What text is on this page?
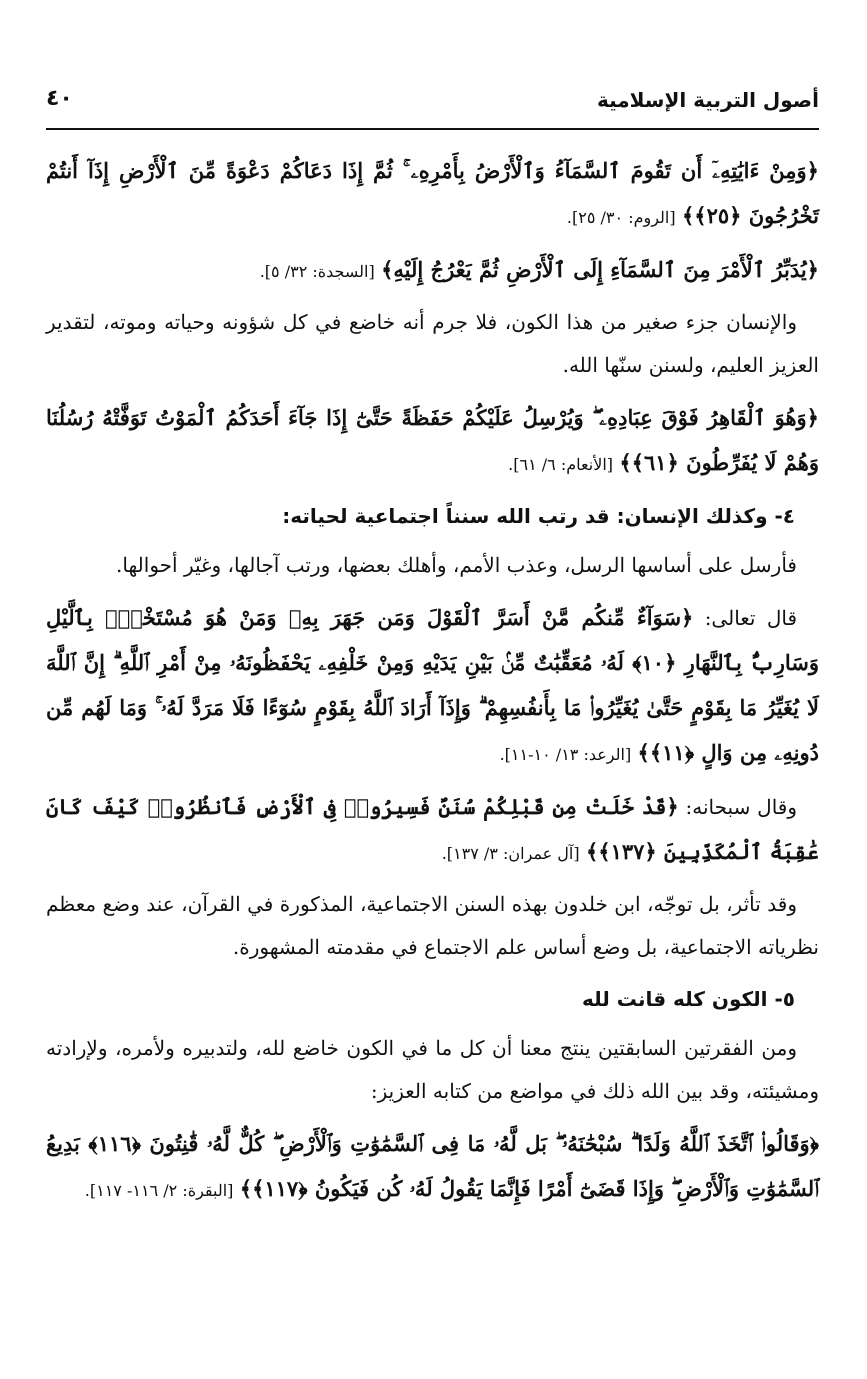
أصول التربية الإسلامية
٤٠

﴿وَمِنْ ءَايَٰتِهِۦٓ أَن تَقُومَ ٱلسَّمَآءُ وَٱلْأَرْضُ بِأَمْرِهِۦ ۚ ثُمَّ إِذَا دَعَاكُمْ دَعْوَةً مِّنَ ٱلْأَرْضِ إِذَآ أَنتُمْ تَخْرُجُونَ ﴿٢٥﴾﴾ [الروم: ٣٠/ ٢٥].

﴿يُدَبِّرُ ٱلْأَمْرَ مِنَ ٱلسَّمَآءِ إِلَى ٱلْأَرْضِ ثُمَّ يَعْرُجُ إِلَيْهِ﴾ [السجدة: ٣٢/ ٥].

والإنسان جزء صغير من هذا الكون، فلا جرم أنه خاضع في كل شؤونه وحياته وموته، لتقدير العزيز العليم، ولسنن سنّها الله.

﴿وَهُوَ ٱلْقَاهِرُ فَوْقَ عِبَادِهِۦ ۖ وَيُرْسِلُ عَلَيْكُمْ حَفَظَةً حَتَّىٰٓ إِذَا جَآءَ أَحَدَكُمُ ٱلْمَوْتُ تَوَفَّتْهُ رُسُلُنَا وَهُمْ لَا يُفَرِّطُونَ ﴿٦١﴾﴾ [الأنعام: ٦/ ٦١].

٤- وكذلك الإنسان: قد رتب الله سنناً اجتماعية لحياته:

فأرسل على أساسها الرسل، وعذب الأمم، وأهلك بعضها، ورتب آجالها، وغيّر أحوالها.

قال تعالى: ﴿سَوَآءٌ مِّنكُم مَّنْ أَسَرَّ ٱلْقَوْلَ وَمَن جَهَرَ بِهِۦ وَمَنْ هُوَ مُسْتَخْفٍۭ بِٱلَّيْلِ وَسَارِبٌۢ بِٱلنَّهَارِ ﴿١٠﴾ لَهُۥ مُعَقِّبَٰتٌ مِّنۢ بَيْنِ يَدَيْهِ وَمِنْ خَلْفِهِۦ يَحْفَظُونَهُۥ مِنْ أَمْرِ ٱللَّهِ ۗ إِنَّ ٱللَّهَ لَا يُغَيِّرُ مَا بِقَوْمٍ حَتَّىٰ يُغَيِّرُوا۟ مَا بِأَنفُسِهِمْ ۗ وَإِذَآ أَرَادَ ٱللَّهُ بِقَوْمٍ سُوٓءًا فَلَا مَرَدَّ لَهُۥ ۚ وَمَا لَهُم مِّن دُونِهِۦ مِن وَالٍ ﴿١١﴾﴾ [الرعد: ١٣/ ١٠-١١].

وقال سبحانه: ﴿قَدْ خَلَتْ مِن قَبْلِكُمْ سُنَنٌ فَسِيرُوا۟ فِى ٱلْأَرْضِ فَٱنظُرُوا۟ كَيْفَ كَانَ عَٰقِبَةُ ٱلْمُكَذِّبِينَ ﴿١٣٧﴾﴾ [آل عمران: ٣/ ١٣٧].

وقد تأثر، بل توجّه، ابن خلدون بهذه السنن الاجتماعية، المذكورة في القرآن، عند وضع معظم نظرياته الاجتماعية، بل وضع أساس علم الاجتماع في مقدمته المشهورة.

٥- الكون كله قانت لله

ومن الفقرتين السابقتين ينتج معنا أن كل ما في الكون خاضع لله، ولتدبيره ولأمره، ولإرادته ومشيئته، وقد بين الله ذلك في مواضع من كتابه العزيز:

﴿وَقَالُوا۟ ٱتَّخَذَ ٱللَّهُ وَلَدًا ۗ سُبْحَٰنَهُۥ ۖ بَل لَّهُۥ مَا فِى ٱلسَّمَٰوَٰتِ وَٱلْأَرْضِ ۖ كُلٌّ لَّهُۥ قَٰنِتُونَ ﴿١١٦﴾ بَدِيعُ ٱلسَّمَٰوَٰتِ وَٱلْأَرْضِ ۖ وَإِذَا قَضَىٰٓ أَمْرًا فَإِنَّمَا يَقُولُ لَهُۥ كُن فَيَكُونُ ﴿١١٧﴾﴾ [البقرة: ٢/ ١١٦- ١١٧].
